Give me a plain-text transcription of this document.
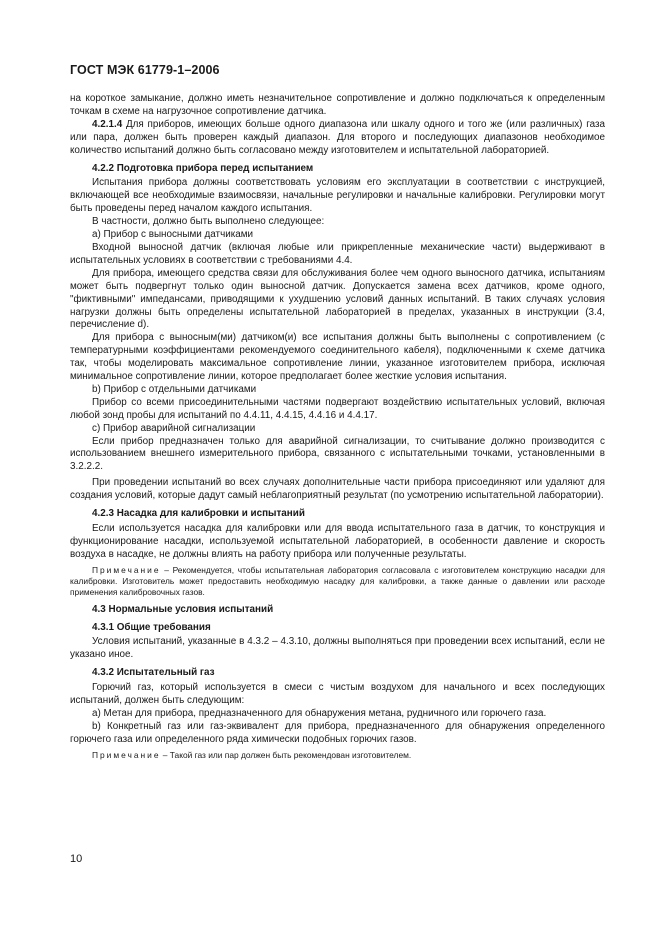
ГОСТ МЭК 61779-1–2006

на короткое замыкание, должно иметь незначительное сопротивление и должно подключаться к определенным точкам в схеме на нагрузочное сопротивление датчика.

4.2.1.4 Для приборов, имеющих больше одного диапазона или шкалу одного и того же (или различных) газа или пара, должен быть проверен каждый диапазон. Для второго и последующих диапазонов необходимое количество испытаний должно быть согласовано между изготовителем и испытательной лабораторией.

4.2.2 Подготовка прибора перед испытанием

Испытания прибора должны соответствовать условиям его эксплуатации в соответствии с инструкцией, включающей все необходимые взаимосвязи, начальные регулировки и начальные калибровки. Регулировки могут быть проведены перед началом каждого испытания.

В частности, должно быть выполнено следующее:

а) Прибор с выносными датчиками

Входной выносной датчик (включая любые или прикрепленные механические части) выдерживают в испытательных условиях в соответствии с требованиями 4.4.

Для прибора, имеющего средства связи для обслуживания более чем одного выносного датчика, испытаниям может быть подвергнут только один выносной датчик. Допускается замена всех датчиков, кроме одного, "фиктивными" импедансами, приводящими к ухудшению условий данных испытаний. В таких случаях условия нагрузки должны быть определены испытательной лабораторией в пределах, указанных в инструкции (3.4, перечисление d).

Для прибора с выносным(ми) датчиком(и) все испытания должны быть выполнены с сопротивлением (с температурными коэффициентами рекомендуемого соединительного кабеля), подключенными к схеме датчика так, чтобы моделировать максимальное сопротивление линии, указанное изготовителем прибора, исключая минимальное сопротивление линии, которое предполагает более жесткие условия испытания.

b) Прибор с отдельными датчиками

Прибор со всеми присоединительными частями подвергают воздействию испытательных условий, включая любой зонд пробы для испытаний по 4.4.11, 4.4.15, 4.4.16 и 4.4.17.

с) Прибор аварийной сигнализации

Если прибор предназначен только для аварийной сигнализации, то считывание должно производится с использованием внешнего измерительного прибора, связанного с испытательными точками, установленными в 3.2.2.2.

При проведении испытаний во всех случаях дополнительные части прибора присоединяют или удаляют для создания условий, которые дадут самый неблагоприятный результат (по усмотрению испытательной лаборатории).

4.2.3 Насадка для калибровки и испытаний

Если используется насадка для калибровки или для ввода испытательного газа в датчик, то конструкция и функционирование насадки, используемой испытательной лабораторией, в особенности давление и скорость воздуха в насадке, не должны влиять на работу прибора или полученные результаты.

Примечание – Рекомендуется, чтобы испытательная лаборатория согласовала с изготовителем конструкцию насадки для калибровки. Изготовитель может предоставить необходимую насадку для калибровки, а также данные о давлении или расходе применения калибровочных газов.

4.3 Нормальные условия испытаний

4.3.1 Общие требования

Условия испытаний, указанные в 4.3.2 – 4.3.10, должны выполняться при проведении всех испытаний, если не указано иное.

4.3.2 Испытательный газ

Горючий газ, который используется в смеси с чистым воздухом для начального и всех последующих испытаний, должен быть следующим:

а) Метан для прибора, предназначенного для обнаружения метана, рудничного или горючего газа.

b) Конкретный газ или газ-эквивалент для прибора, предназначенного для обнаружения определенного горючего газа или определенного ряда химически подобных горючих газов.

Примечание – Такой газ или пар должен быть рекомендован изготовителем.

10
